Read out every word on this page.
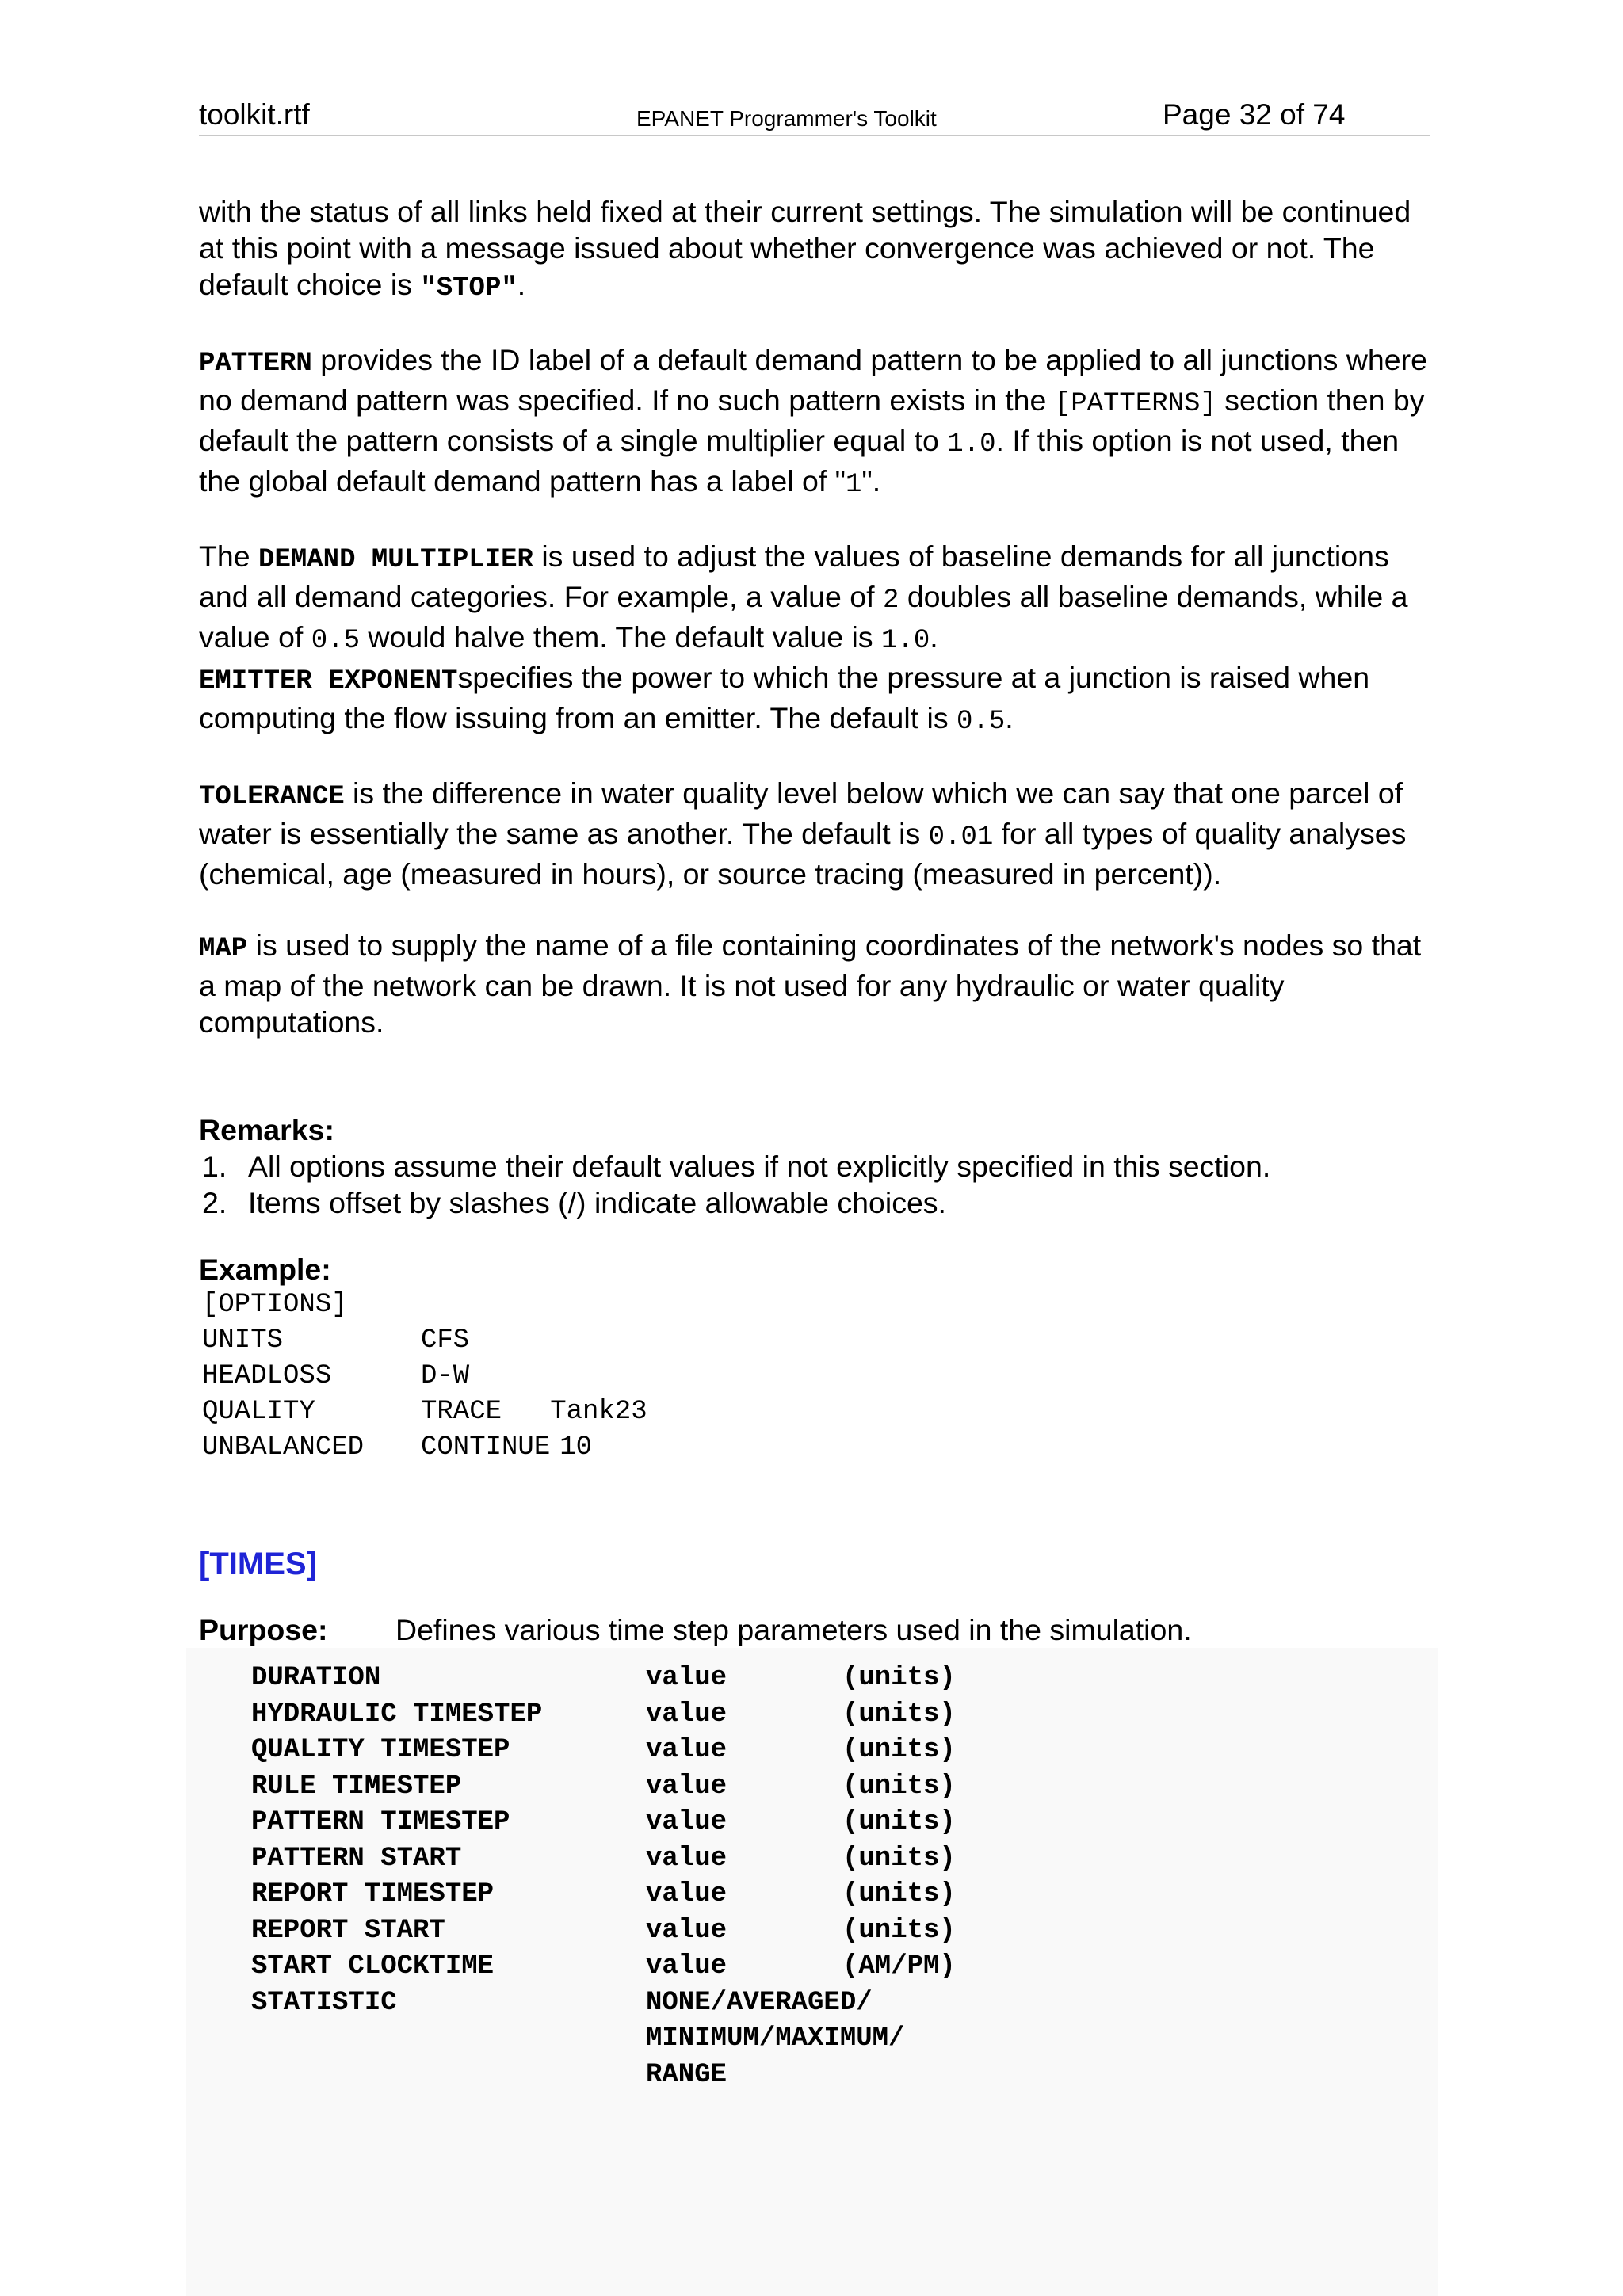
toolkit.rtf	EPANET Programmer's Toolkit	Page 32 of 74

with the status of all links held fixed at their current settings. The simulation will be continued at this point with a message issued about whether convergence was achieved or not. The default choice is "STOP".

PATTERN provides the ID label of a default demand pattern to be applied to all junctions where no demand pattern was specified. If no such pattern exists in the [PATTERNS] section then by default the pattern consists of a single multiplier equal to 1.0. If this option is not used, then the global default demand pattern has a label of "1".

The DEMAND MULTIPLIER is used to adjust the values of baseline demands for all junctions and all demand categories. For example, a value of 2 doubles all baseline demands, while a value of 0.5 would halve them. The default value is 1.0.

EMITTER EXPONENTspecifies the power to which the pressure at a junction is raised when computing the flow issuing from an emitter. The default is 0.5.

TOLERANCE is the difference in water quality level below which we can say that one parcel of water is essentially the same as another. The default is 0.01 for all types of quality analyses (chemical, age (measured in hours), or source tracing (measured in percent)).

MAP is used to supply the name of a file containing coordinates of the network's nodes so that a map of the network can be drawn. It is not used for any hydraulic or water quality computations.

Remarks:

1. All options assume their default values if not explicitly specified in this section.
2. Items offset by slashes (/) indicate allowable choices.

Example:

[OPTIONS]		
UNITS	CFS	
HEADLOSS	D-W	
QUALITY	TRACE	Tank23
UNBALANCED	CONTINUE	10

[TIMES]

Purpose: Defines various time step parameters used in the simulation.

DURATION	value	(units)
HYDRAULIC TIMESTEP	value	(units)
QUALITY TIMESTEP	value	(units)
RULE TIMESTEP	value	(units)
PATTERN TIMESTEP	value	(units)
PATTERN START	value	(units)
REPORT TIMESTEP	value	(units)
REPORT START	value	(units)
START CLOCKTIME	value	(AM/PM)
STATISTIC	NONE/AVERAGED/	
	MINIMUM/MAXIMUM/	
	RANGE	
